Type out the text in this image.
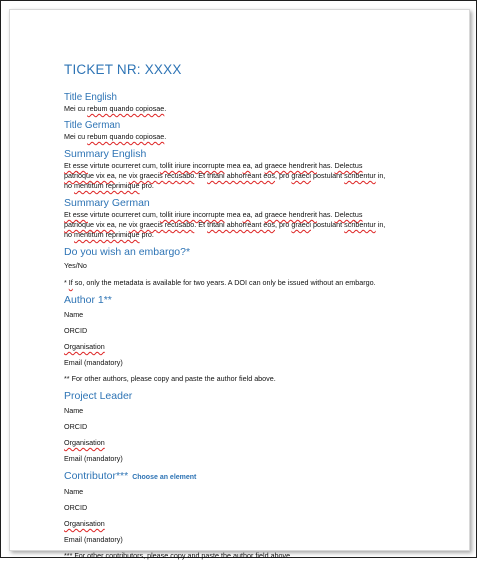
TICKET NR: XXXX

Title English

Mei cu rebum quando copiosae.

Title German

Mei cu rebum quando copiosae.

Summary English

Et esse virtute ocurreret cum, tollit iriure incorrupte mea ea, ad graece hendrerit has. Delectus

patrioque vix ea, ne vix graecis recusabo. Et tritani abhorreant eos, pro graeci postulant scribentur in,

no mentitum reprimique pro.

Summary German

Et esse virtute ocurreret cum, tollit iriure incorrupte mea ea, ad graece hendrerit has. Delectus

patrioque vix ea, ne vix graecis recusabo. Et tritani abhorreant eos, pro graeci postulant scribentur in,

no mentitum reprimique pro.

Do you wish an embargo?*

Yes/No

* If so, only the metadata is available for two years. A DOI can only be issued without an embargo.

Author 1**

Name

ORCID

Organisation

Email (mandatory)

** For other authors, please copy and paste the author field above.

Project Leader

Name

ORCID

Organisation

Email (mandatory)

Contributor*** Choose an element

Name

ORCID

Organisation

Email (mandatory)

*** For other contributors, please copy and paste the author field above.
